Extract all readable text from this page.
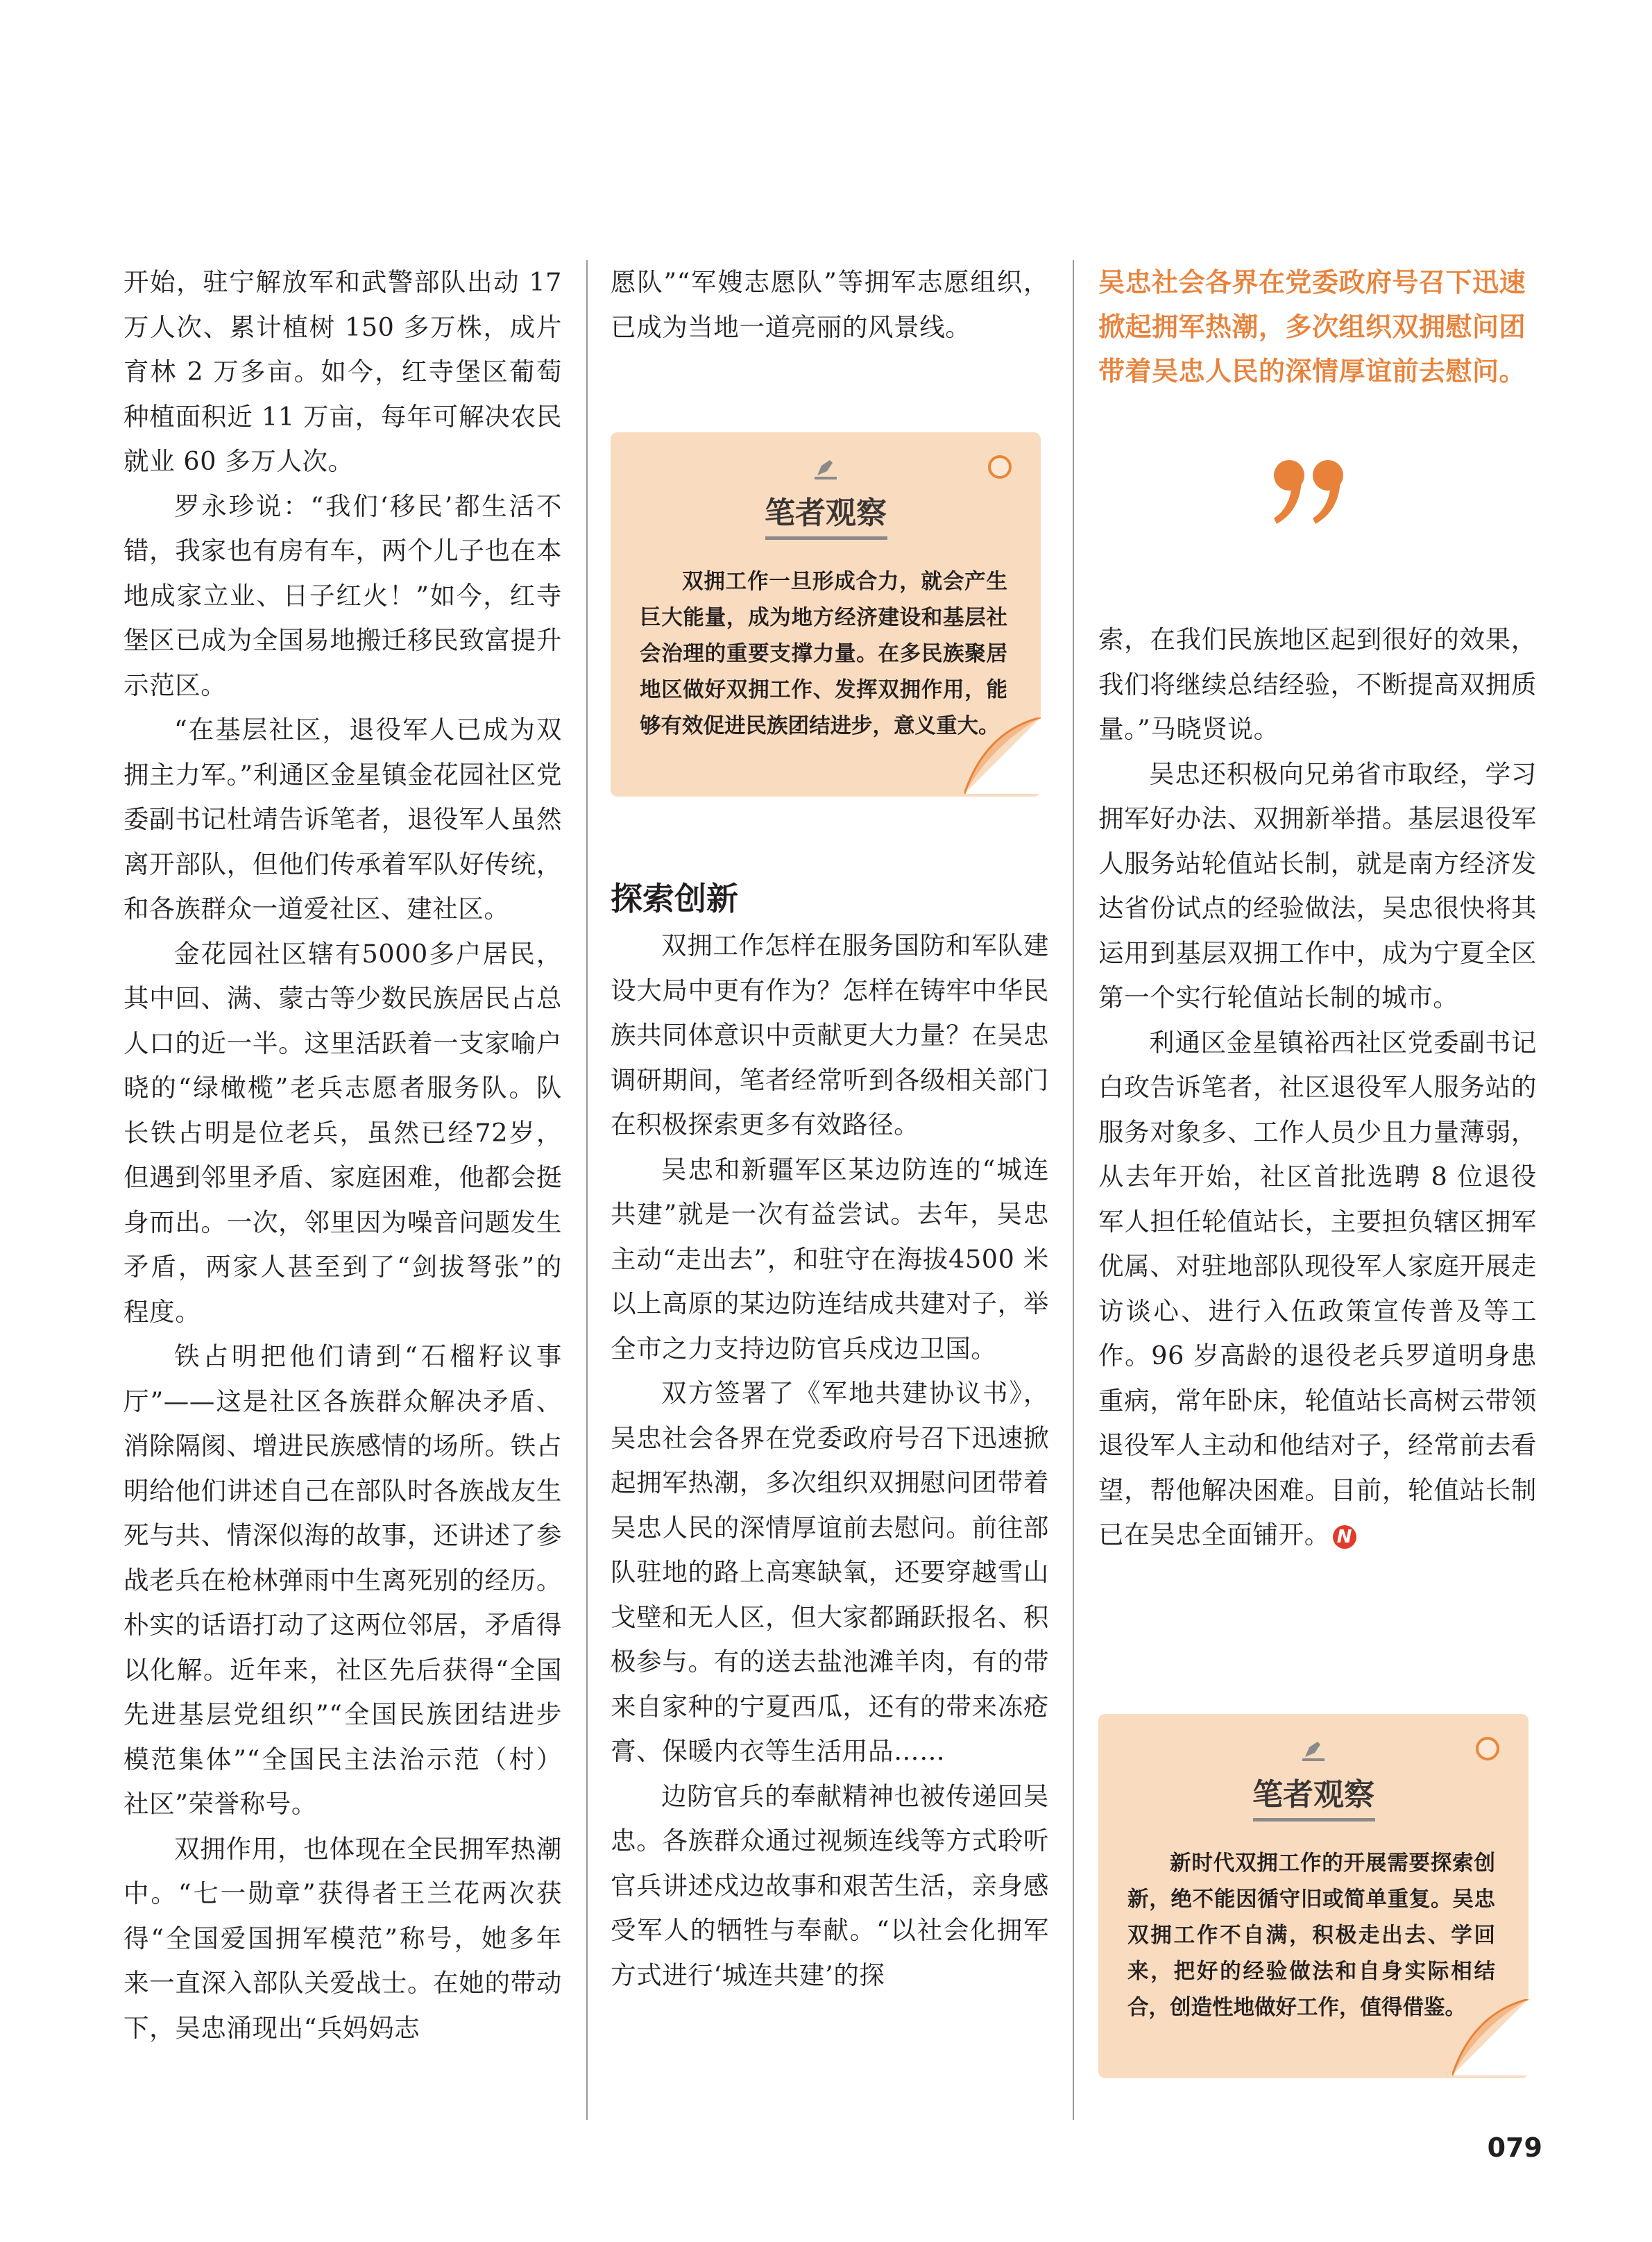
开始，驻宁解放军和武警部队出动 17 万人次、累计植树 150 多万株，成片育林 2 万多亩。如今，红寺堡区葡萄种植面积近 11 万亩，每年可解决农民就业 60 多万人次。

罗永珍说：“我们‘移民’都生活不错，我家也有房有车，两个儿子也在本地成家立业、日子红火！”如今，红寺堡区已成为全国易地搬迁移民致富提升示范区。

“在基层社区，退役军人已成为双拥主力军。”利通区金星镇金花园社区党委副书记杜靖告诉笔者，退役军人虽然离开部队，但他们传承着军队好传统，和各族群众一道爱社区、建社区。

金花园社区辖有5000多户居民，其中回、满、蒙古等少数民族居民占总人口的近一半。这里活跃着一支家喻户晓的“绿橄榄”老兵志愿者服务队。队长铁占明是位老兵，虽然已经72岁，但遇到邻里矛盾、家庭困难，他都会挺身而出。一次，邻里因为噪音问题发生矛盾，两家人甚至到了“剑拔弩张”的程度。

铁占明把他们请到“石榴籽议事厅”——这是社区各族群众解决矛盾、消除隔阂、增进民族感情的场所。铁占明给他们讲述自己在部队时各族战友生死与共、情深似海的故事，还讲述了参战老兵在枪林弹雨中生离死别的经历。朴实的话语打动了这两位邻居，矛盾得以化解。近年来，社区先后获得“全国先进基层党组织”“全国民族团结进步模范集体”“全国民主法治示范（村）社区”荣誉称号。

双拥作用，也体现在全民拥军热潮中。“七一勋章”获得者王兰花两次获得“全国爱国拥军模范”称号，她多年来一直深入部队关爱战士。在她的带动下，吴忠涌现出“兵妈妈志

愿队”“军嫂志愿队”等拥军志愿组织，已成为当地一道亮丽的风景线。

笔者观察

双拥工作一旦形成合力，就会产生巨大能量，成为地方经济建设和基层社会治理的重要支撑力量。在多民族聚居地区做好双拥工作、发挥双拥作用，能够有效促进民族团结进步，意义重大。

探索创新

双拥工作怎样在服务国防和军队建设大局中更有作为？怎样在铸牢中华民族共同体意识中贡献更大力量？在吴忠调研期间，笔者经常听到各级相关部门在积极探索更多有效路径。

吴忠和新疆军区某边防连的“城连共建”就是一次有益尝试。去年，吴忠主动“走出去”，和驻守在海拔4500 米以上高原的某边防连结成共建对子，举全市之力支持边防官兵戍边卫国。

双方签署了《军地共建协议书》，吴忠社会各界在党委政府号召下迅速掀起拥军热潮，多次组织双拥慰问团带着吴忠人民的深情厚谊前去慰问。前往部队驻地的路上高寒缺氧，还要穿越雪山戈壁和无人区，但大家都踊跃报名、积极参与。有的送去盐池滩羊肉，有的带来自家种的宁夏西瓜，还有的带来冻疮膏、保暖内衣等生活用品……

边防官兵的奉献精神也被传递回吴忠。各族群众通过视频连线等方式聆听官兵讲述戍边故事和艰苦生活，亲身感受军人的牺牲与奉献。“以社会化拥军方式进行‘城连共建’的探

吴忠社会各界在党委政府号召下迅速掀起拥军热潮，多次组织双拥慰问团带着吴忠人民的深情厚谊前去慰问。

索，在我们民族地区起到很好的效果，我们将继续总结经验，不断提高双拥质量。”马晓贤说。

吴忠还积极向兄弟省市取经，学习拥军好办法、双拥新举措。基层退役军人服务站轮值站长制，就是南方经济发达省份试点的经验做法，吴忠很快将其运用到基层双拥工作中，成为宁夏全区第一个实行轮值站长制的城市。

利通区金星镇裕西社区党委副书记白玫告诉笔者，社区退役军人服务站的服务对象多、工作人员少且力量薄弱，从去年开始，社区首批选聘 8 位退役军人担任轮值站长，主要担负辖区拥军优属、对驻地部队现役军人家庭开展走访谈心、进行入伍政策宣传普及等工作。96 岁高龄的退役老兵罗道明身患重病，常年卧床，轮值站长高树云带领退役军人主动和他结对子，经常前去看望，帮他解决困难。目前，轮值站长制已在吴忠全面铺开。 N

笔者观察

新时代双拥工作的开展需要探索创新，绝不能因循守旧或简单重复。吴忠双拥工作不自满，积极走出去、学回来，把好的经验做法和自身实际相结合，创造性地做好工作，值得借鉴。

079
